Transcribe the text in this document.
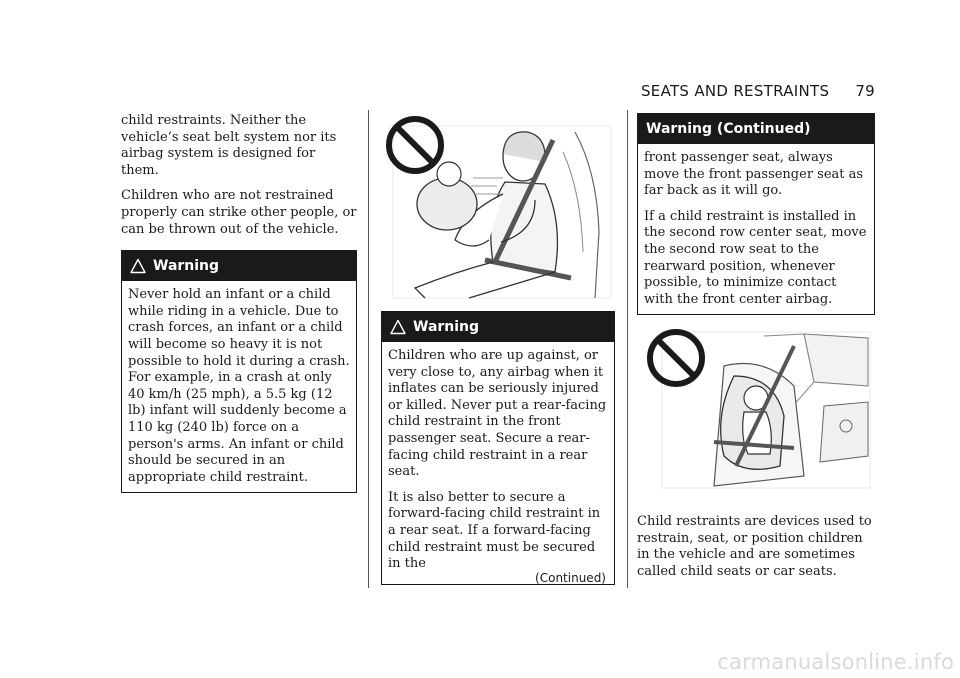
SEATS AND RESTRAINTS 79

child restraints. Neither the vehicle’s seat belt system nor its airbag system is designed for them.

Children who are not restrained properly can strike other people, or can be thrown out of the vehicle.

Warning

Never hold an infant or a child while riding in a vehicle. Due to crash forces, an infant or a child will become so heavy it is not possible to hold it during a crash. For example, in a crash at only 40 km/h (25 mph), a 5.5 kg (12 lb) infant will suddenly become a 110 kg (240 lb) force on a person's arms. An infant or child should be secured in an appropriate child restraint.

Warning

Children who are up against, or very close to, any airbag when it inflates can be seriously injured or killed. Never put a rear-facing child restraint in the front passenger seat. Secure a rear-facing child restraint in a rear seat.

It is also better to secure a forward-facing child restraint in a rear seat. If a forward-facing child restraint must be secured in the

(Continued)
Warning (Continued)

front passenger seat, always move the front passenger seat as far back as it will go.

If a child restraint is installed in the second row center seat, move the second row seat to the rearward position, whenever possible, to minimize contact with the front center airbag.

Child restraints are devices used to restrain, seat, or position children in the vehicle and are sometimes called child seats or car seats.

carmanualsonline.info
